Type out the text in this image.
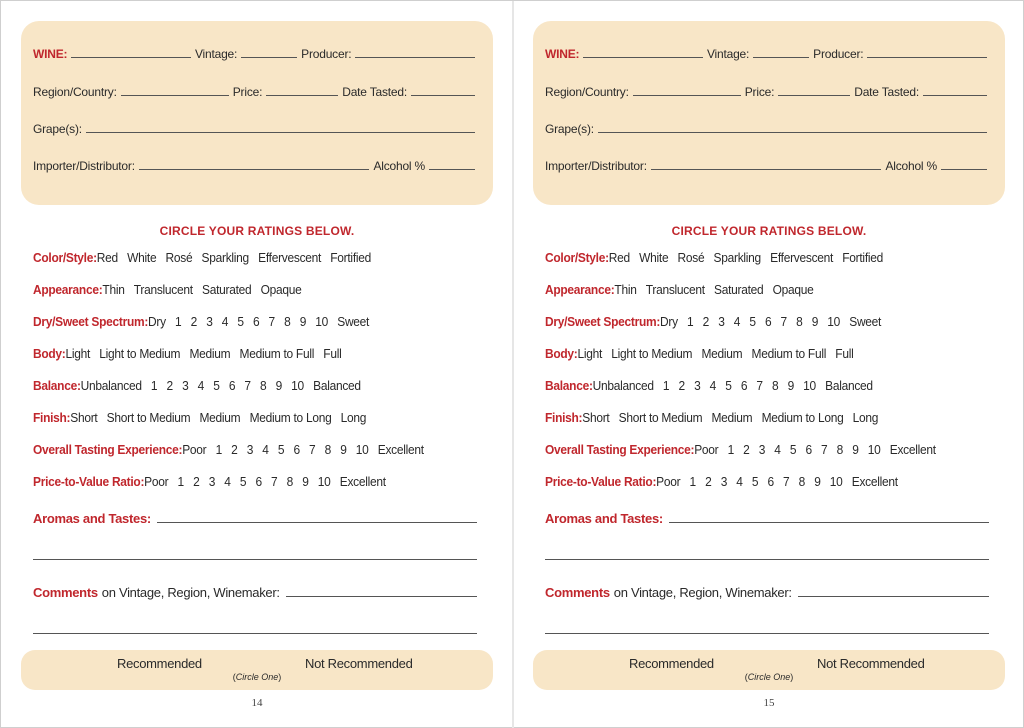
WINE:	Vintage:	Producer:
Region/Country:	Price:	Date Tasted:
Grape(s):
Importer/Distributor:	Alcohol %
CIRCLE YOUR RATINGS BELOW.
Color/Style:Red White Rosé Sparkling Effervescent Fortified
Appearance:Thin Translucent Saturated Opaque
Dry/Sweet Spectrum:Dry 1 2 3 4 5 6 7 8 9 10 Sweet
Body:Light Light to Medium Medium Medium to Full Full
Balance:Unbalanced 1 2 3 4 5 6 7 8 9 10 Balanced
Finish:Short Short to Medium Medium Medium to Long Long
Overall Tasting Experience:Poor 1 2 3 4 5 6 7 8 9 10 Excellent
Price-to-Value Ratio:Poor 1 2 3 4 5 6 7 8 9 10 Excellent
Aromas and Tastes:
Comments on Vintage, Region, Winemaker:
Recommended	Not Recommended
(Circle One)
14
WINE:	Vintage:	Producer:
Region/Country:	Price:	Date Tasted:
Grape(s):
Importer/Distributor:	Alcohol %
CIRCLE YOUR RATINGS BELOW.
Color/Style:Red White Rosé Sparkling Effervescent Fortified
Appearance:Thin Translucent Saturated Opaque
Dry/Sweet Spectrum:Dry 1 2 3 4 5 6 7 8 9 10 Sweet
Body:Light Light to Medium Medium Medium to Full Full
Balance:Unbalanced 1 2 3 4 5 6 7 8 9 10 Balanced
Finish:Short Short to Medium Medium Medium to Long Long
Overall Tasting Experience:Poor 1 2 3 4 5 6 7 8 9 10 Excellent
Price-to-Value Ratio:Poor 1 2 3 4 5 6 7 8 9 10 Excellent
Aromas and Tastes:
Comments on Vintage, Region, Winemaker:
Recommended	Not Recommended
(Circle One)
15
